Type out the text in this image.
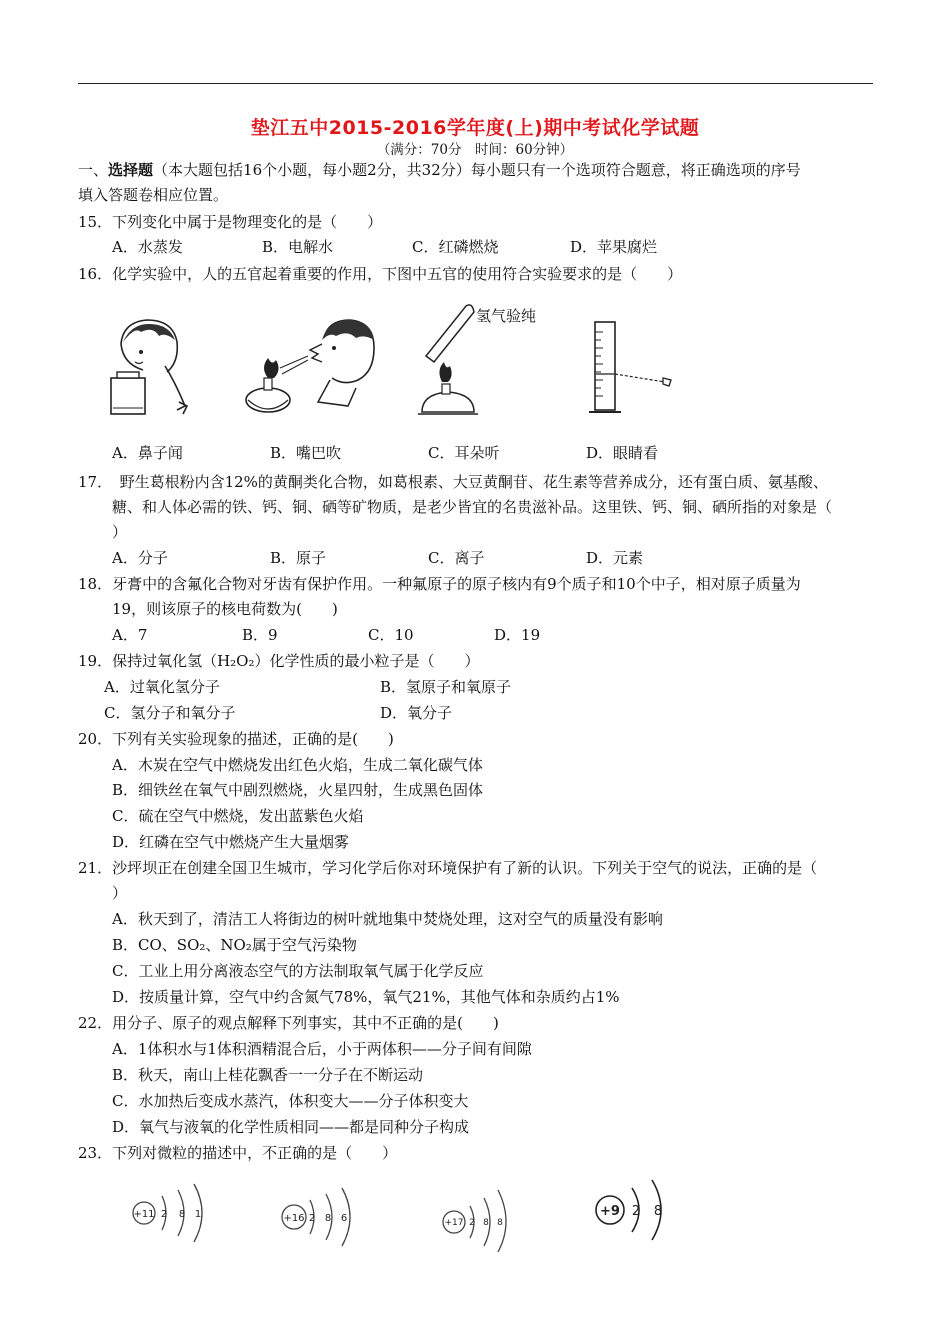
垫江五中2015-2016学年度(上)期中考试化学试题
（满分：70分　时间：60分钟）
一、选择题（本大题包括16个小题，每小题2分，共32分）每小题只有一个选项符合题意，将正确选项的序号
填入答题卷相应位置。
15．下列变化中属于是物理变化的是（　　）
A．水蒸发	B．电解水	C．红磷燃烧	D．苹果腐烂
16．化学实验中，人的五官起着重要的作用，下图中五官的使用符合实验要求的是（　　）
氢气验纯
A．鼻子闻	B．嘴巴吹	C．耳朵听	D．眼睛看
17．　野生葛根粉内含12%的黄酮类化合物，如葛根素、大豆黄酮苷、花生素等营养成分，还有蛋白质、氨基酸、
糖、和人体必需的铁、钙、铜、硒等矿物质，是老少皆宜的名贵滋补品。这里铁、钙、铜、硒所指的对象是（
）
A．分子	B．原子	C．离子	D．元素
18．牙膏中的含氟化合物对牙齿有保护作用。一种氟原子的原子核内有9个质子和10个中子，相对原子质量为
19，则该原子的核电荷数为(　　)
A．7	B．9	C．10	D．19
19．保持过氧化氢（H₂O₂）化学性质的最小粒子是（　　）
A．过氧化氢分子	B．氢原子和氧原子
C．氢分子和氧分子	D．氧分子
20．下列有关实验现象的描述，正确的是(　　)
A．木炭在空气中燃烧发出红色火焰，生成二氧化碳气体
B．细铁丝在氧气中剧烈燃烧，火星四射，生成黑色固体
C．硫在空气中燃烧，发出蓝紫色火焰
D．红磷在空气中燃烧产生大量烟雾
21．沙坪坝正在创建全国卫生城市，学习化学后你对环境保护有了新的认识。下列关于空气的说法，正确的是（
）
A．秋天到了，清洁工人将街边的树叶就地集中焚烧处理，这对空气的质量没有影响
B．CO、SO₂、NO₂属于空气污染物
C．工业上用分离液态空气的方法制取氧气属于化学反应
D．按质量计算，空气中约含氮气78%，氧气21%，其他气体和杂质约占1%
22．用分子、原子的观点解释下列事实，其中不正确的是(　　)
A．1体积水与1体积酒精混合后，小于两体积——分子间有间隙
B．秋天，南山上桂花飘香一一分子在不断运动
C．水加热后变成水蒸汽，体积变大——分子体积变大
D．氧气与液氧的化学性质相同——都是同种分子构成
23．下列对微粒的描述中，不正确的是（　　）
+11 2 8 1	+16 2 8 6	+17 2 8 8
+9 2 8
